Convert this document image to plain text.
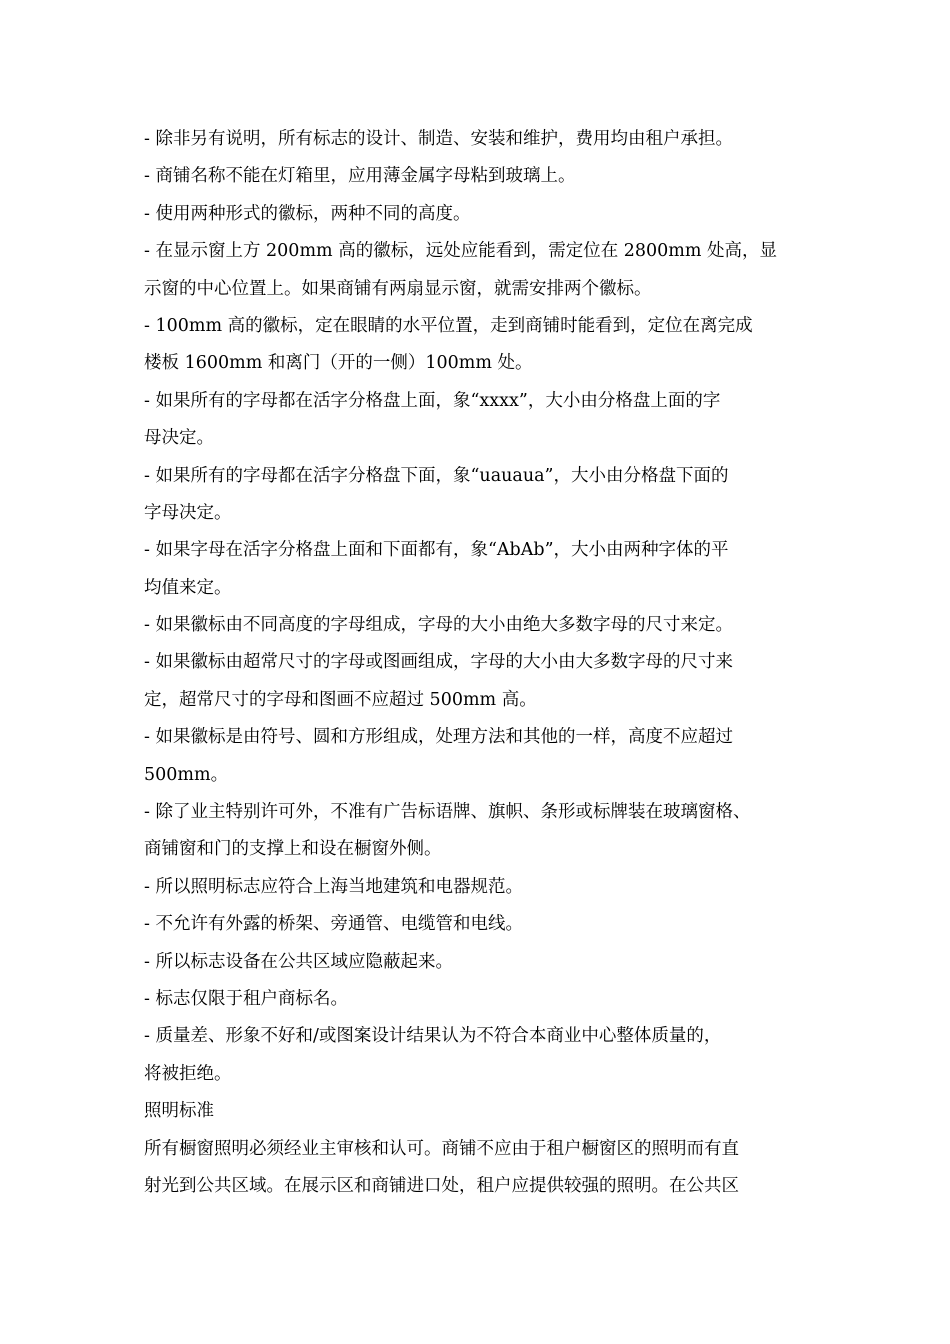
- 除非另有说明，所有标志的设计、制造、安装和维护，费用均由租户承担。
- 商铺名称不能在灯箱里，应用薄金属字母粘到玻璃上。
- 使用两种形式的徽标，两种不同的高度。
- 在显示窗上方 200mm 高的徽标，远处应能看到，需定位在 2800mm 处高，显
示窗的中心位置上。如果商铺有两扇显示窗，就需安排两个徽标。
- 100mm 高的徽标，定在眼睛的水平位置，走到商铺时能看到，定位在离完成
楼板 1600mm 和离门（开的一侧）100mm 处。
- 如果所有的字母都在活字分格盘上面，象“xxxx”，大小由分格盘上面的字
母决定。
- 如果所有的字母都在活字分格盘下面，象“uauaua”，大小由分格盘下面的
字母决定。
- 如果字母在活字分格盘上面和下面都有，象“AbAb”，大小由两种字体的平
均值来定。
- 如果徽标由不同高度的字母组成，字母的大小由绝大多数字母的尺寸来定。
- 如果徽标由超常尺寸的字母或图画组成，字母的大小由大多数字母的尺寸来
定，超常尺寸的字母和图画不应超过 500mm 高。
- 如果徽标是由符号、圆和方形组成，处理方法和其他的一样，高度不应超过
500mm。
- 除了业主特别许可外，不准有广告标语牌、旗帜、条形或标牌装在玻璃窗格、
商铺窗和门的支撑上和设在橱窗外侧。
- 所以照明标志应符合上海当地建筑和电器规范。
- 不允许有外露的桥架、旁通管、电缆管和电线。
- 所以标志设备在公共区域应隐蔽起来。
- 标志仅限于租户商标名。
- 质量差、形象不好和/或图案设计结果认为不符合本商业中心整体质量的，
将被拒绝。
照明标准
所有橱窗照明必须经业主审核和认可。商铺不应由于租户橱窗区的照明而有直
射光到公共区域。在展示区和商铺进口处，租户应提供较强的照明。在公共区
